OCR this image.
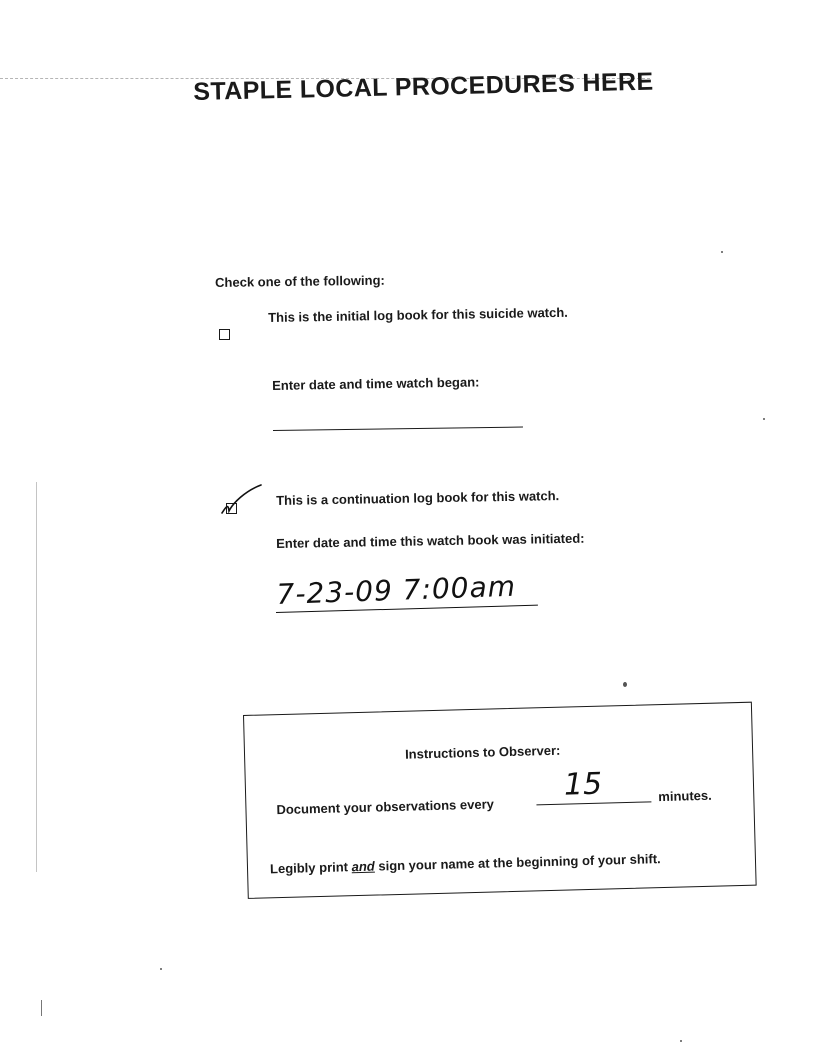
STAPLE LOCAL PROCEDURES HERE
Check one of the following:
This is the initial log book for this suicide watch.
Enter date and time watch began:
This is a continuation log book for this watch.
Enter date and time this watch book was initiated:
7-23-09 7:00am
Instructions to Observer:
Document your observations every
15	minutes.
Legibly print and sign your name at the beginning of your shift.
